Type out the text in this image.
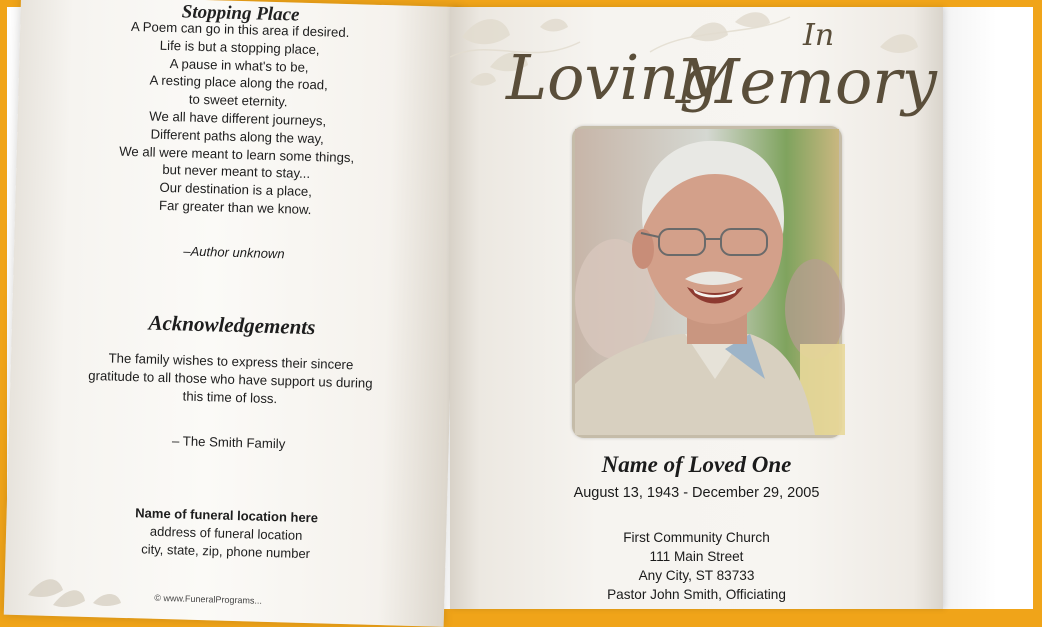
Stopping Place
A Poem can go in this area if desired.
Life is but a stopping place,
A pause in what's to be,
A resting place along the road,
to sweet eternity.
We all have different journeys,
Different paths along the way,
We all were meant to learn some things,
but never meant to stay...
Our destination is a place,
Far greater than we know.
–Author unknown
Acknowledgements
The family wishes to express their sincere
gratitude to all those who have support us during
this time of loss.
– The Smith Family
Name of funeral location here
address of funeral location
city, state, zip, phone number
© www.FuneralPrograms...
In
Loving
Memory
Name of Loved One
August 13, 1943 - December 29, 2005
First Community Church
111 Main Street
Any City, ST 83733
Pastor John Smith, Officiating
